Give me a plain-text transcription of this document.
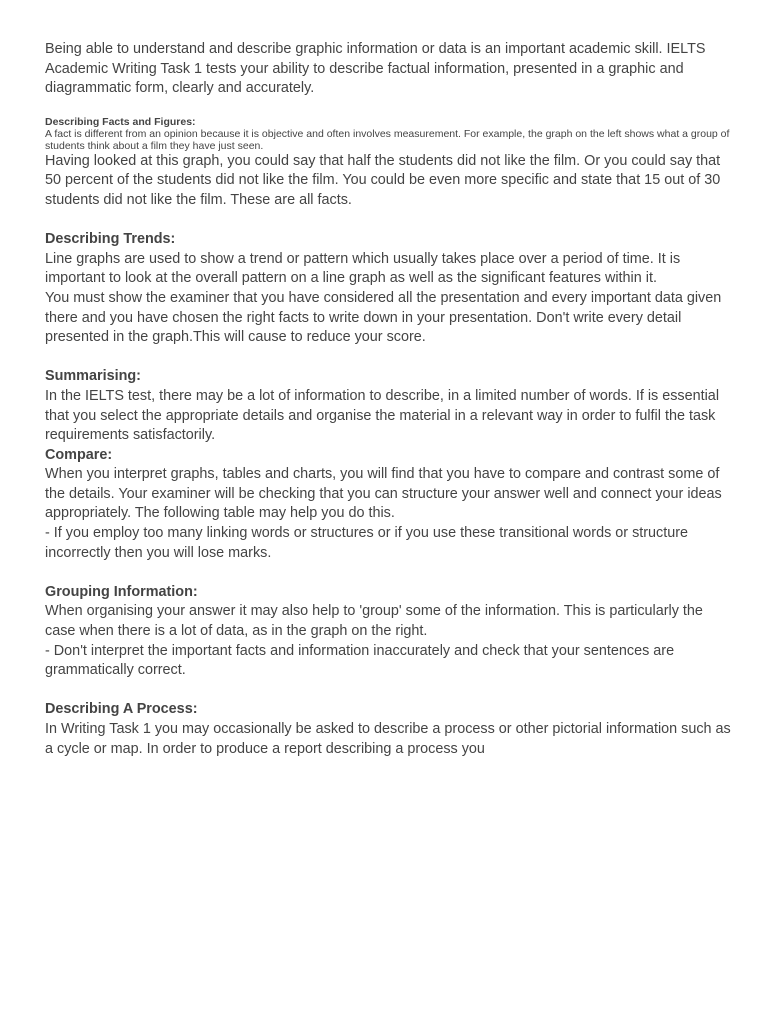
Being able to understand and describe graphic information or data is an important academic skill. IELTS Academic Writing Task 1 tests your ability to describe factual information, presented in a graphic and diagrammatic form, clearly and accurately.

Describing Facts and Figures:

A fact is different from an opinion because it is objective and often involves measurement. For example, the graph on the left shows what a group of students think about a film they have just seen.

Having looked at this graph, you could say that half the students did not like the film. Or you could say that 50 percent of the students did not like the film. You could be even more specific and state that 15 out of 30 students did not like the film. These are all facts.

Describing Trends:

Line graphs are used to show a trend or pattern which usually takes place over a period of time. It is

important to look at the overall pattern on a line graph as well as the significant features within it.

You must show the examiner that you have considered all the presentation and every important data given there and you have chosen the right facts to write down in your presentation. Don't write every detail presented in the graph.This will cause to reduce your score.

Summarising:

In the IELTS test, there may be a lot of information to describe, in a limited number of words. If is essential that you select the appropriate details and organise the material in a relevant way in order to fulfil the task requirements satisfactorily.

Compare:

When you interpret graphs, tables and charts, you will find that you have to compare and contrast some of the details. Your examiner will be checking that you can structure your answer well and connect your ideas appropriately. The following table may help you do this.

- If you employ too many linking words or structures or if you use these transitional words or structure incorrectly then you will lose marks.

Grouping Information:

When organising your answer it may also help to 'group' some of the information. This is particularly the case when there is a lot of data, as in the graph on the right.

- Don't interpret the important facts and information inaccurately and check that your sentences are grammatically correct.

Describing A Process:

In Writing Task 1 you may occasionally be asked to describe a process or other pictorial information such as a cycle or map. In order to produce a report describing a process you
